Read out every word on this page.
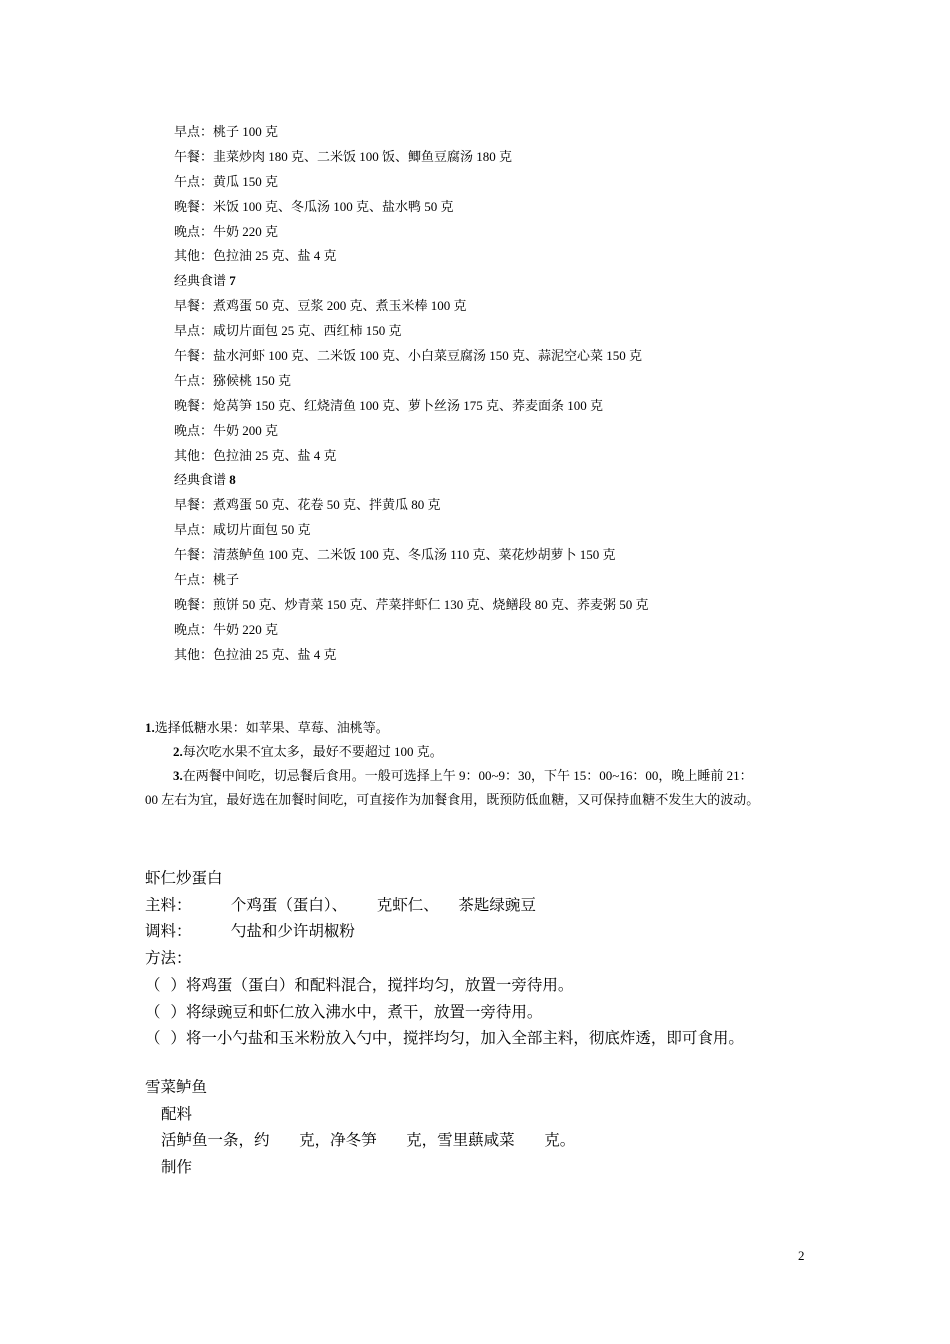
早点：桃子 100 克
午餐：韭菜炒肉 180 克、二米饭 100 饭、鲫鱼豆腐汤 180 克
午点：黄瓜 150 克
晚餐：米饭 100 克、冬瓜汤 100 克、盐水鸭 50 克
晚点：牛奶 220 克
其他：色拉油 25 克、盐 4 克
经典食谱 7
早餐：煮鸡蛋 50 克、豆浆 200 克、煮玉米棒 100 克
早点：咸切片面包 25 克、西红柿 150 克
午餐：盐水河虾 100 克、二米饭 100 克、小白菜豆腐汤 150 克、蒜泥空心菜 150 克
午点：猕候桃 150 克
晚餐：炝莴笋 150 克、红烧清鱼 100 克、萝卜丝汤 175 克、荞麦面条 100 克
晚点：牛奶 200 克
其他：色拉油 25 克、盐 4 克
经典食谱 8
早餐：煮鸡蛋 50 克、花卷 50 克、拌黄瓜 80 克
早点：咸切片面包 50 克
午餐：清蒸鲈鱼 100 克、二米饭 100 克、冬瓜汤 110 克、菜花炒胡萝卜 150 克
午点：桃子
晚餐：煎饼 50 克、炒青菜 150 克、芹菜拌虾仁 130 克、烧鳝段 80 克、荞麦粥 50 克
晚点：牛奶 220 克
其他：色拉油 25 克、盐 4 克
1.选择低糖水果：如苹果、草莓、油桃等。
2.每次吃水果不宜太多，最好不要超过 100 克。
3.在两餐中间吃，切忌餐后食用。一般可选择上午 9：00~9：30，下午 15：00~16：00，晚上睡前 21：
00 左右为宜，最好选在加餐时间吃，可直接作为加餐食用，既预防低血糖，又可保持血糖不发生大的波动。
虾仁炒蛋白
主料：        个鸡蛋（蛋白）、      克虾仁、    茶匙绿豌豆
调料：        勺盐和少许胡椒粉
方法：
（  ）将鸡蛋（蛋白）和配料混合，搅拌均匀，放置一旁待用。
（  ）将绿豌豆和虾仁放入沸水中，煮干，放置一旁待用。
（  ）将一小勺盐和玉米粉放入勺中，搅拌均匀，加入全部主料，彻底炸透，即可食用。
雪菜鲈鱼
配料
活鲈鱼一条，约      克，净冬笋      克，雪里蕻咸菜      克。
制作
2
